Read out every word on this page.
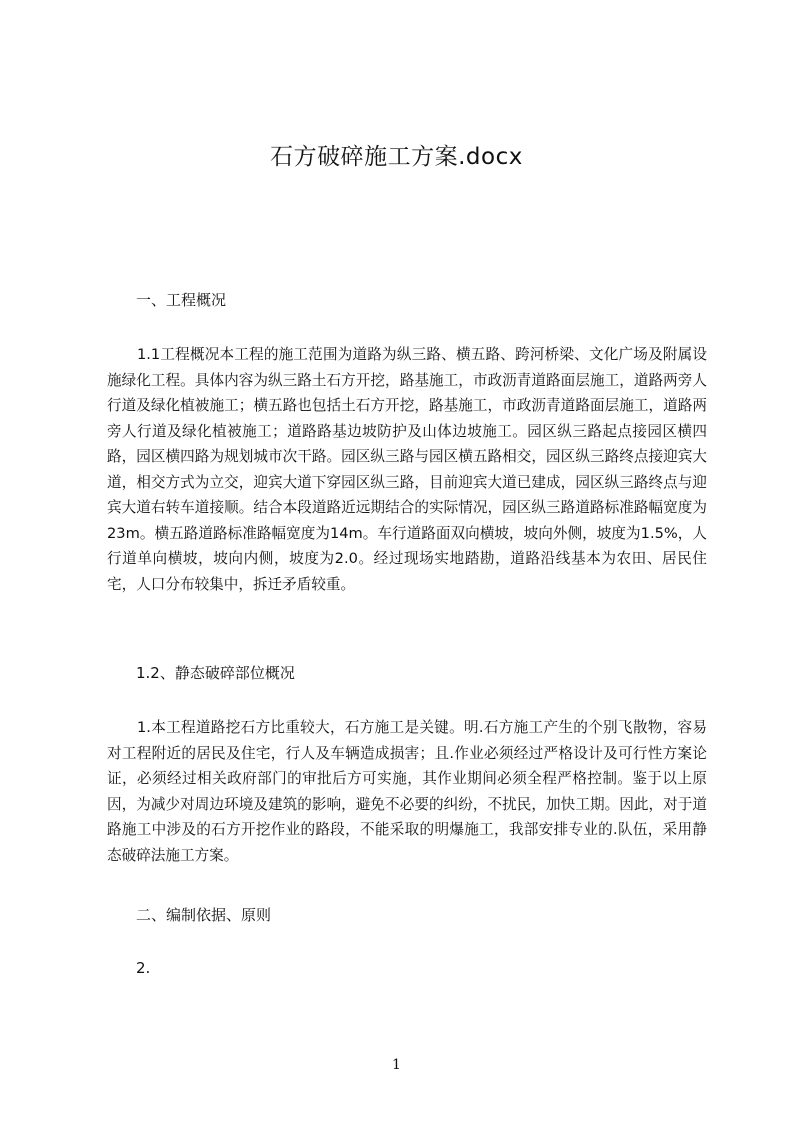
石方破碎施工方案.docx
一、工程概况

1.1工程概况本工程的施工范围为道路为纵三路、横五路、跨河桥梁、文化广场及附属设施绿化工程。具体内容为纵三路土石方开挖，路基施工，市政沥青道路面层施工，道路两旁人行道及绿化植被施工；横五路也包括土石方开挖，路基施工，市政沥青道路面层施工，道路两旁人行道及绿化植被施工；道路路基边坡防护及山体边坡施工。园区纵三路起点接园区横四路，园区横四路为规划城市次干路。园区纵三路与园区横五路相交，园区纵三路终点接迎宾大道，相交方式为立交，迎宾大道下穿园区纵三路，目前迎宾大道已建成，园区纵三路终点与迎宾大道右转车道接顺。结合本段道路近远期结合的实际情况，园区纵三路道路标准路幅宽度为23m。横五路道路标准路幅宽度为14m。车行道路面双向横坡，坡向外侧，坡度为1.5%，人行道单向横坡，坡向内侧，坡度为2.0。经过现场实地踏勘，道路沿线基本为农田、居民住宅，人口分布较集中，拆迁矛盾较重。

1.2、静态破碎部位概况

1.本工程道路挖石方比重较大，石方施工是关键。明.石方施工产生的个别飞散物，容易对工程附近的居民及住宅，行人及车辆造成损害；且.作业必须经过严格设计及可行性方案论证，必须经过相关政府部门的审批后方可实施，其作业期间必须全程严格控制。鉴于以上原因，为减少对周边环境及建筑的影响，避免不必要的纠纷，不扰民，加快工期。因此，对于道路施工中涉及的石方开挖作业的路段，不能采取的明爆施工，我部安排专业的.队伍，采用静态破碎法施工方案。

二、编制依据、原则
2.
1
